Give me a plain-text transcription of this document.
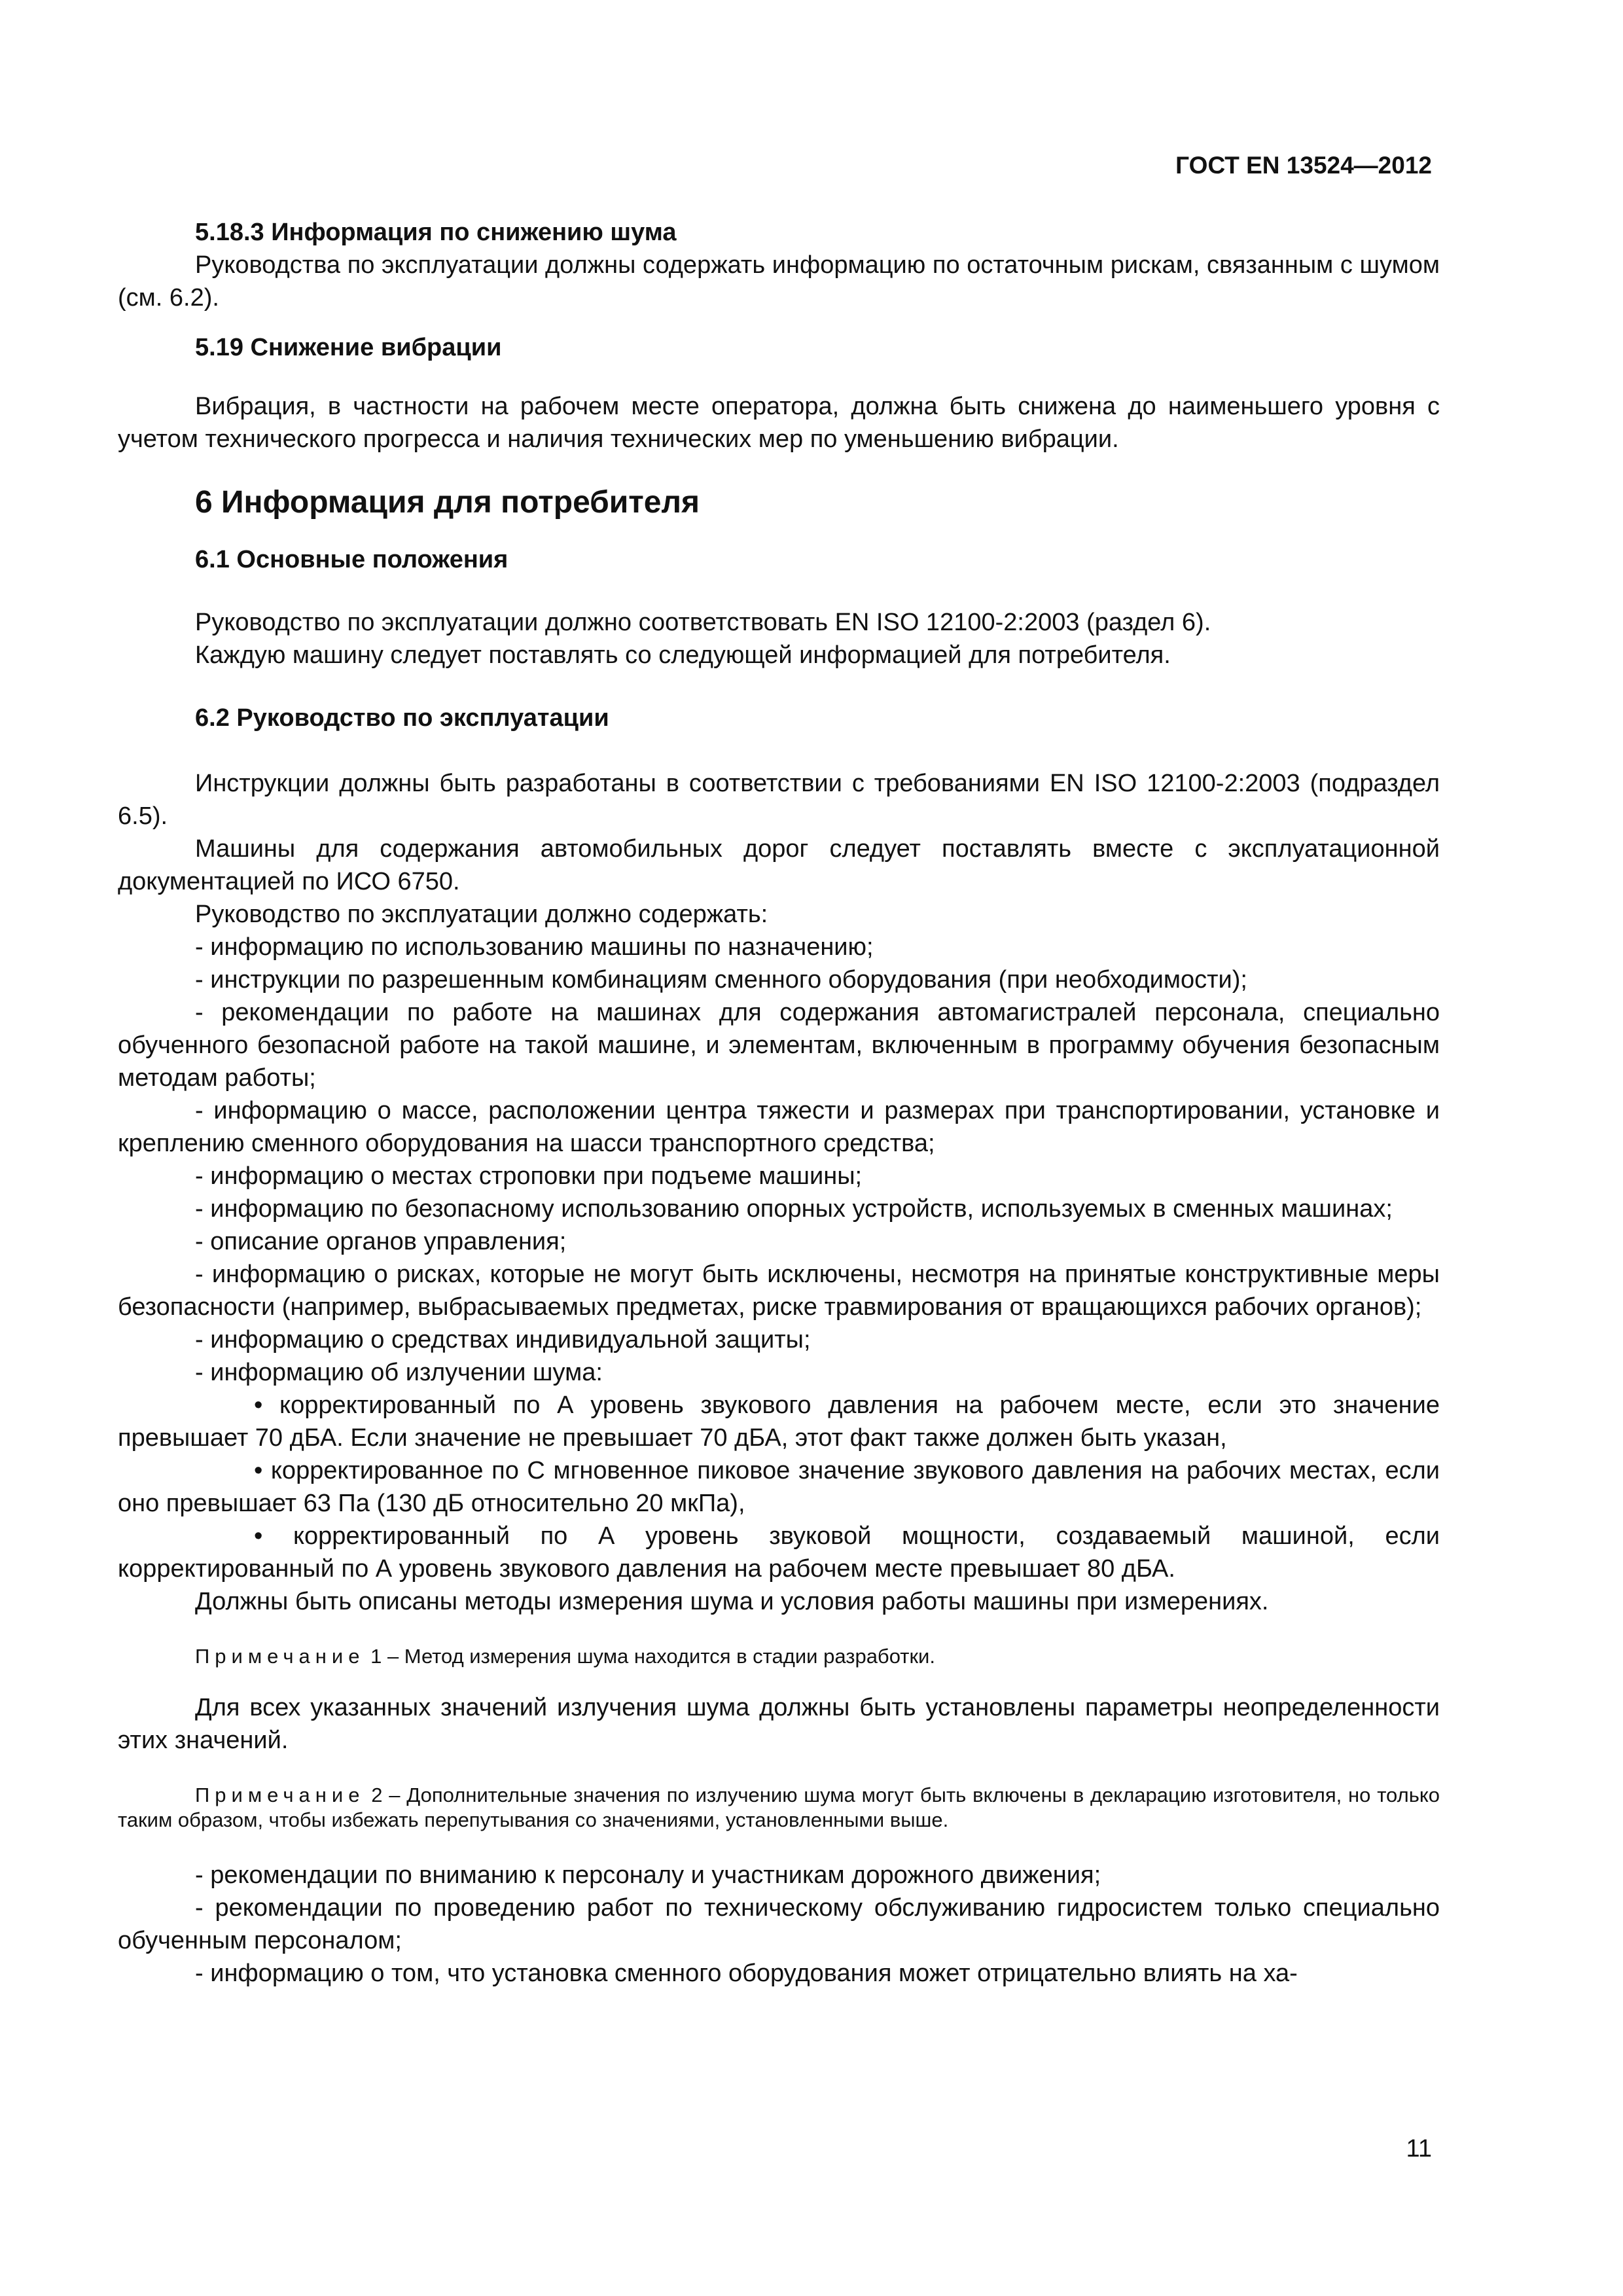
ГОСТ EN 13524—2012
5.18.3 Информация по снижению шума

Руководства по эксплуатации должны содержать информацию по остаточным рискам, связанным с шумом (см. 6.2).

5.19 Снижение вибрации

Вибрация, в частности на рабочем месте оператора, должна быть снижена до наименьшего уровня с учетом технического прогресса и наличия технических мер по уменьшению вибрации.

6 Информация для потребителя
6.1 Основные положения

Руководство по эксплуатации должно соответствовать EN ISO 12100-2:2003 (раздел 6).

Каждую машину следует поставлять со следующей информацией для потребителя.

6.2 Руководство по эксплуатации

Инструкции должны быть разработаны в соответствии с требованиями EN ISO 12100-2:2003 (подраздел 6.5).

Машины для содержания автомобильных дорог следует поставлять вместе с эксплуатационной документацией по ИСО 6750.

Руководство по эксплуатации должно содержать:

- информацию по использованию машины по назначению;

- инструкции по разрешенным комбинациям сменного оборудования (при необходимости);

- рекомендации по работе на машинах для содержания автомагистралей персонала, специально обученного безопасной работе на такой машине, и элементам, включенным в программу обучения безопасным методам работы;

- информацию о массе, расположении центра тяжести и размерах при транспортировании, установке и креплению сменного оборудования на шасси транспортного средства;

- информацию о местах строповки при подъеме машины;

- информацию по безопасному использованию опорных устройств, используемых в сменных машинах;

- описание органов управления;

- информацию о рисках, которые не могут быть исключены, несмотря на принятые конструктивные меры безопасности (например, выбрасываемых предметах, риске травмирования от вращающихся рабочих органов);

- информацию о средствах индивидуальной защиты;

- информацию об излучении шума:

• корректированный по А уровень звукового давления на рабочем месте, если это значение превышает 70 дБА. Если значение не превышает 70 дБА, этот факт также должен быть указан,

• корректированное по С мгновенное пиковое значение звукового давления на рабочих местах, если оно превышает 63 Па (130 дБ относительно 20 мкПа),

• корректированный по А уровень звуковой мощности, создаваемый машиной, если корректированный по А уровень звукового давления на рабочем месте превышает 80 дБА.

Должны быть описаны методы измерения шума и условия работы машины при измерениях.

Примечание 1 – Метод измерения шума находится в стадии разработки.

Для всех указанных значений излучения шума должны быть установлены параметры неопределенности этих значений.

Примечание 2 – Дополнительные значения по излучению шума могут быть включены в декларацию изготовителя, но только таким образом, чтобы избежать перепутывания со значениями, установленными выше.

- рекомендации по вниманию к персоналу и участникам дорожного движения;

- рекомендации по проведению работ по техническому обслуживанию гидросистем только специально обученным персоналом;

- информацию о том, что установка сменного оборудования может отрицательно влиять на ха-

11
